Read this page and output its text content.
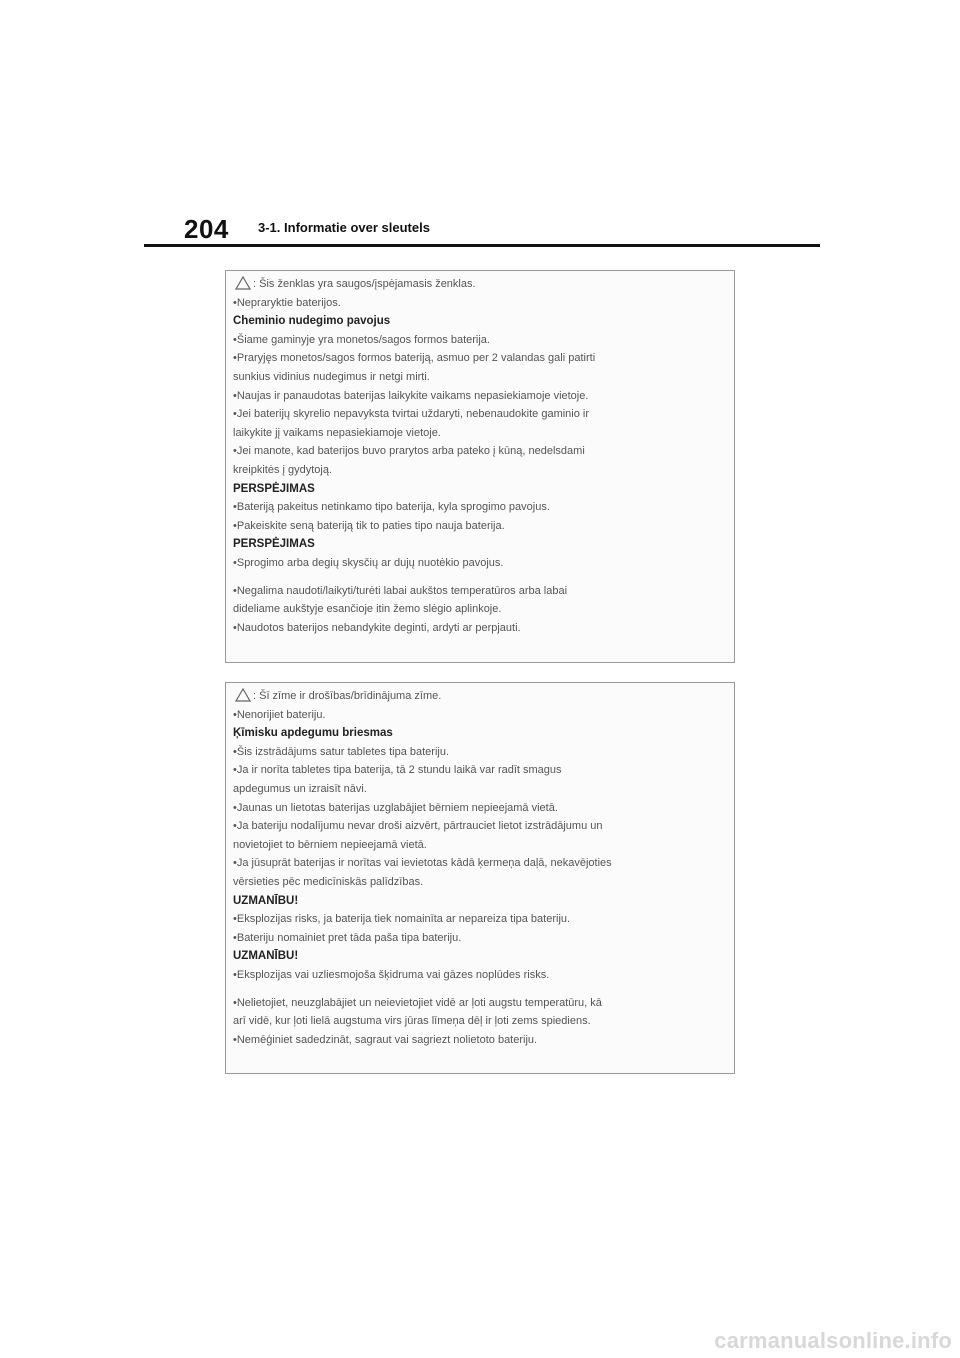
204 3-1. Informatie over sleutels
: Šis ženklas yra saugos/įspėjamasis ženklas.
•Nepraryktie baterijos.
Cheminio nudegimo pavojus
•Šiame gaminyje yra monetos/sagos formos baterija.
•Praryjęs monetos/sagos formos bateriją, asmuo per 2 valandas gali patirti
sunkius vidinius nudegimus ir netgi mirti.
•Naujas ir panaudotas baterijas laikykite vaikams nepasiekiamoje vietoje.
•Jei baterijų skyrelio nepavyksta tvirtai uždaryti, nebenaudokite gaminio ir
laikykite jį vaikams nepasiekiamoje vietoje.
•Jei manote, kad baterijos buvo prarytos arba pateko į kūną, nedelsdami
kreipkitės į gydytoją.
PERSPĖJIMAS
•Bateriją pakeitus netinkamo tipo baterija, kyla sprogimo pavojus.
•Pakeiskite seną bateriją tik to paties tipo nauja baterija.
PERSPĖJIMAS
•Sprogimo arba degių skysčių ar dujų nuotėkio pavojus.
•Negalima naudoti/laikyti/turėti labai aukštos temperatūros arba labai
dideliame aukštyje esančioje itin žemo slėgio aplinkoje.
•Naudotos baterijos nebandykite deginti, ardyti ar perpjauti.
: Šī zīme ir drošības/brīdinājuma zīme.
•Nenorijiet bateriju.
Ķīmisku apdegumu briesmas
•Šis izstrādājums satur tabletes tipa bateriju.
•Ja ir norīta tabletes tipa baterija, tā 2 stundu laikā var radīt smagus
apdegumus un izraisīt nāvi.
•Jaunas un lietotas baterijas uzglabājiet bērniem nepieejamā vietā.
•Ja bateriju nodalījumu nevar droši aizvērt, pārtrauciet lietot izstrādājumu un
novietojiet to bērniem nepieejamā vietā.
•Ja jūsuprāt baterijas ir norītas vai ievietotas kādā ķermeņa daļā, nekavējoties
vērsieties pēc medicīniskās palīdzības.
UZMANĪBU!
•Eksplozijas risks, ja baterija tiek nomainīta ar nepareiza tipa bateriju.
•Bateriju nomainiet pret tāda paša tipa bateriju.
UZMANĪBU!
•Eksplozijas vai uzliesmojoša šķidruma vai gāzes noplūdes risks.
•Nelietojiet, neuzglabājiet un neievietojiet vidē ar ļoti augstu temperatūru, kā
arī vidē, kur ļoti lielā augstuma virs jūras līmeņa dēļ ir ļoti zems spiediens.
•Nemēģiniet sadedzināt, sagraut vai sagriezt nolietoto bateriju.
carmanualsonline.info
